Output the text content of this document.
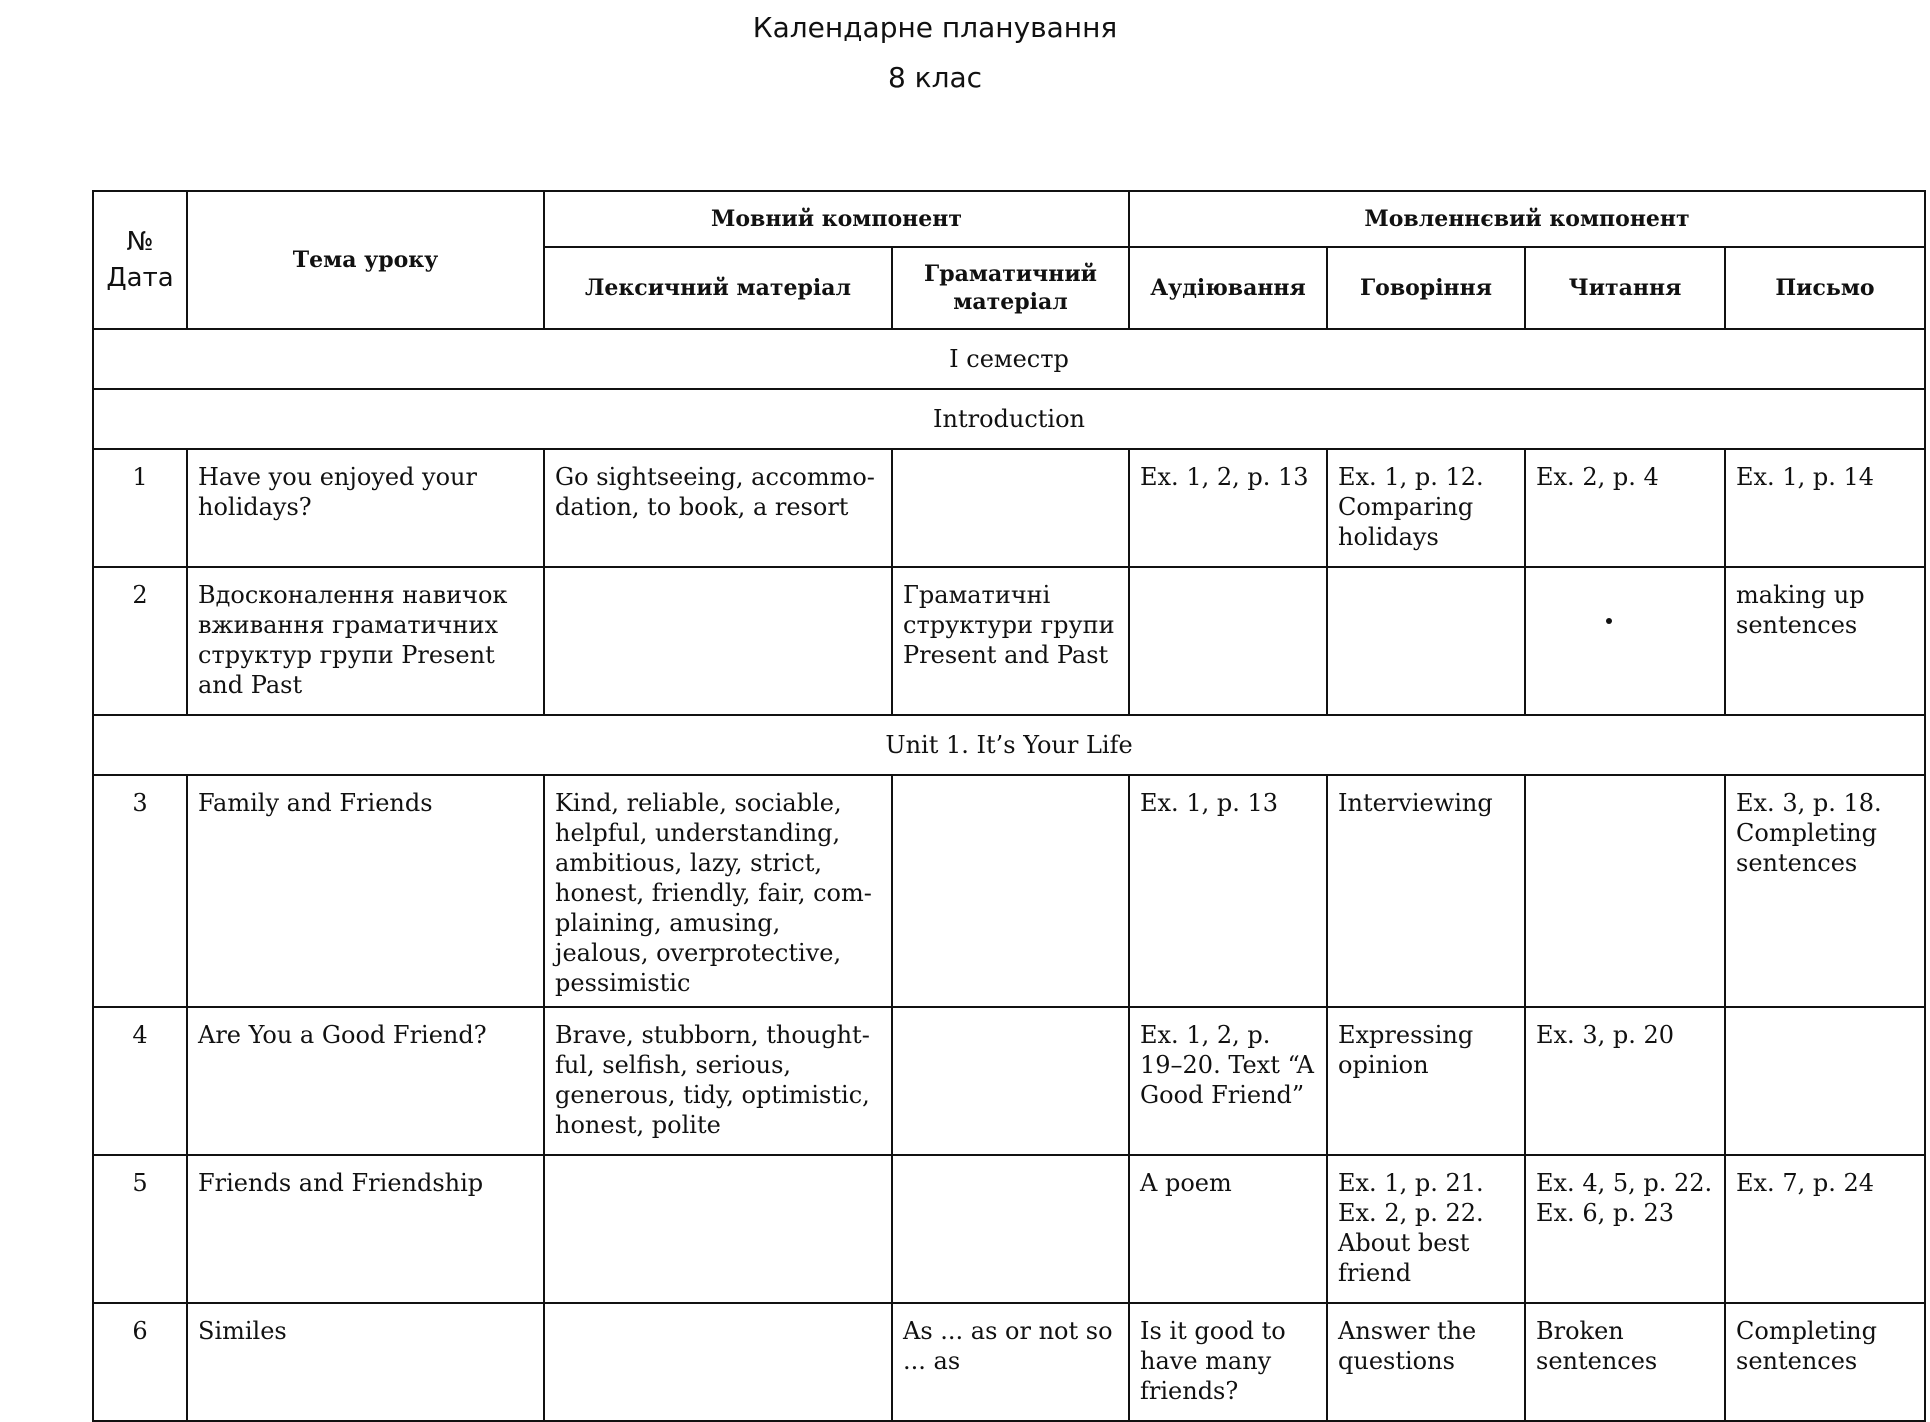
Календарне планування
8 клас
№
Дата	Тема уроку	Мовний компонент		Мовленнєвий компонент			
		Лексичний матеріал	Граматичний матеріал	Аудіювання	Говоріння	Читання	Письмо
І семестр							
Introduction							
1	Have you enjoyed your holidays?	Go sightseeing, accommo-dation, to book, a resort		Ex. 1, 2, p. 13	Ex. 1, p. 12. Comparing holidays	Ex. 2, p. 4	Ex. 1, p. 14
2	Вдосконалення навичок вживання граматичних структур групи Present and Past		Граматичні структури групи Present and Past				making up sentences
Unit 1. It’s Your Life							
3	Family and Friends	Kind, reliable, sociable, helpful, understanding, ambitious, lazy, strict, honest, friendly, fair, com-plaining, amusing, jealous, overprotective, pessimistic		Ex. 1, p. 13	Interviewing		Ex. 3, p. 18. Completing sentences
4	Are You a Good Friend?	Brave, stubborn, thought-ful, selfish, serious, generous, tidy, optimistic, honest, polite		Ex. 1, 2, p. 19–20. Text “A Good Friend”	Expressing opinion	Ex. 3, p. 20	
5	Friends and Friendship			A poem	Ex. 1, p. 21. Ex. 2, p. 22. About best friend	Ex. 4, 5, p. 22. Ex. 6, p. 23	Ex. 7, p. 24
6	Similes		As ... as or not so ... as	Is it good to have many friends?	Answer the questions	Broken sentences	Completing sentences
